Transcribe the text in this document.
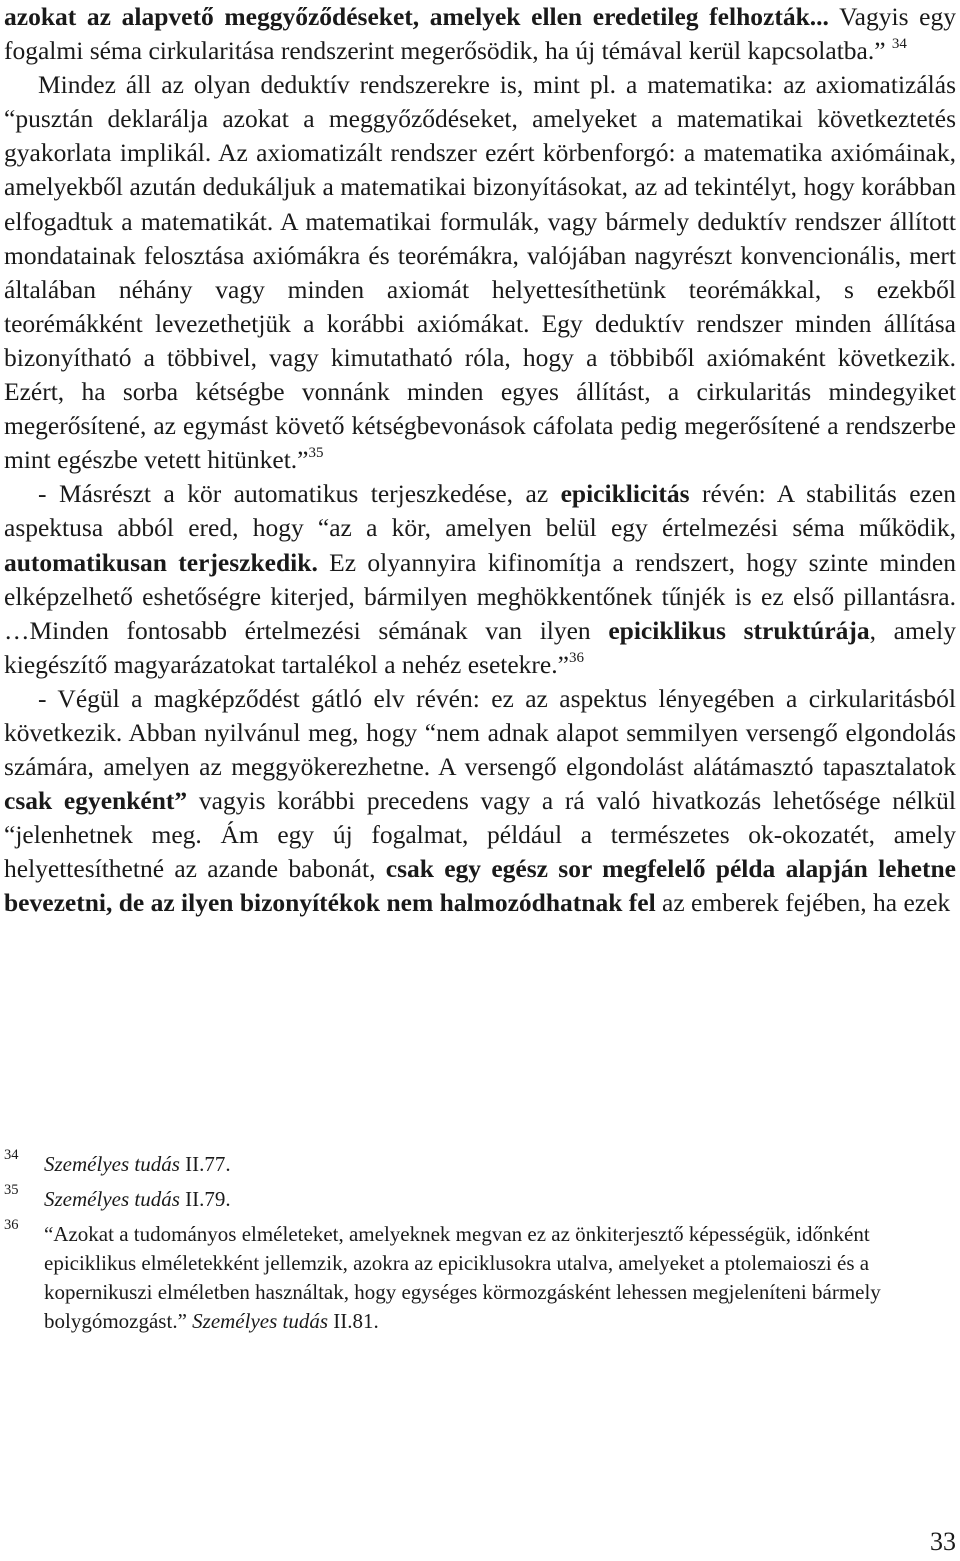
azokat az alapvető meggyőződéseket, amelyek ellen eredetileg felhozták... Vagyis egy fogalmi séma cirkularitása rendszerint megerősödik, ha új témával kerül kapcsolatba.” $^{34}$

Mindez áll az olyan deduktív rendszerekre is, mint pl. a matematika: az axiomatizálás “pusztán deklarálja azokat a meggyőződéseket, amelyeket a matematikai következtetés gyakorlata implikál. Az axiomatizált rendszer ezért körbenforgó: a matematika axiómáinak, amelyekből azután dedukáljuk a matematikai bizonyításokat, az ad tekintélyt, hogy korábban elfogadtuk a matematikát. A matematikai formulák, vagy bármely deduktív rendszer állított mondatainak felosztása axiómákra és teorémákra, valójában nagyrészt konvencionális, mert általában néhány vagy minden axiomát helyettesíthetünk teorémákkal, s ezekből teorémákként levezethetjük a korábbi axiómákat. Egy deduktív rendszer minden állítása bizonyítható a többivel, vagy kimutatható róla, hogy a többiből axiómaként következik. Ezért, ha sorba kétségbe vonnánk minden egyes állítást, a cirkularitás mindegyiket megerősítené, az egymást követő kétségbevonások cáfolata pedig megerősítené a rendszerbe mint egészbe vetett hitünket.”$^{35}$

- Másrészt a kör automatikus terjeszkedése, az epiciklicitás révén: A stabilitás ezen aspektusa abból ered, hogy “az a kör, amelyen belül egy értelmezési séma működik, automatikusan terjeszkedik. Ez olyannyira kifinomítja a rendszert, hogy szinte minden elképzelhető eshetőségre kiterjed, bármilyen meghökkentőnek tűnjék is ez első pillantásra. …Minden fontosabb értelmezési sémának van ilyen epiciklikus struktúrája, amely kiegészítő magyarázatokat tartalékol a nehéz esetekre.”$^{36}$

- Végül a magképződést gátló elv révén: ez az aspektus lényegében a cirkularitásból következik. Abban nyilvánul meg, hogy “nem adnak alapot semmilyen versengő elgondolás számára, amelyen az meggyökerezhetne. A versengő elgondolást alátámasztó tapasztalatok csak egyenként” vagyis korábbi precedens vagy a rá való hivatkozás lehetősége nélkül “jelenhetnek meg. Ám egy új fogalmat, például a természetes ok-okozatét, amely helyettesíthetné az azande babonát, csak egy egész sor megfelelő példa alapján lehetne bevezetni, de az ilyen bizonyítékok nem halmozódhatnak fel az emberek fejében, ha ezek

34 Személyes tudás II.77.
35 Személyes tudás II.79.
36 “Azokat a tudományos elméleteket, amelyeknek megvan ez az önkiterjesztő képességük, időnként epiciklikus elméletekként jellemzik, azokra az epiciklusokra utalva, amelyeket a ptolemaioszi és a kopernikuszi elméletben használtak, hogy egységes körmozgásként lehessen megjeleníteni bármely bolygómozgást.” Személyes tudás II.81.
33
